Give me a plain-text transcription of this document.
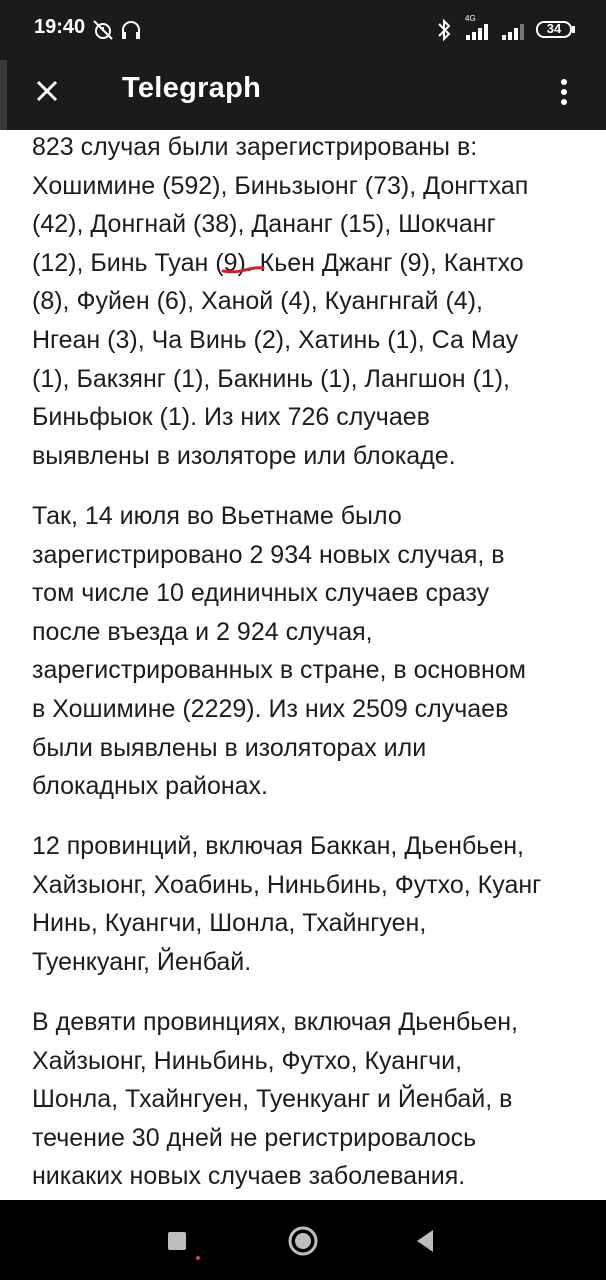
19:40	4G
34
Telegraph

823 случая были зарегистрированы в:
Хошимине (592), Биньзыонг (73), Донгтхап
(42), Донгнай (38), Дананг (15), Шокчанг
(12), Бинь Туан (9). Кьен Джанг (9), Кантхо
(8), Фуйен (6), Ханой (4), Куангнгай (4),
Нгеан (3), Ча Винь (2), Хатинь (1), Са Мау
(1), Бакзянг (1), Бакнинь (1), Лангшон (1),
Биньфыок (1). Из них 726 случаев
выявлены в изоляторе или блокаде.

Так, 14 июля во Вьетнаме было
зарегистрировано 2 934 новых случая, в
том числе 10 единичных случаев сразу
после въезда и 2 924 случая,
зарегистрированных в стране, в основном
в Хошимине (2229). Из них 2509 случаев
были выявлены в изоляторах или
блокадных районах.

12 провинций, включая Баккан, Дьенбьен,
Хайзыонг, Хоабинь, Ниньбинь, Футхо, Куанг
Нинь, Куангчи, Шонла, Тхайнгуен,
Туенкуанг, Йенбай.

В девяти провинциях, включая Дьенбьен,
Хайзыонг, Ниньбинь, Футхо, Куангчи,
Шонла, Тхайнгуен, Туенкуанг и Йенбай, в
течение 30 дней не регистрировалось
никаких новых случаев заболевания.
